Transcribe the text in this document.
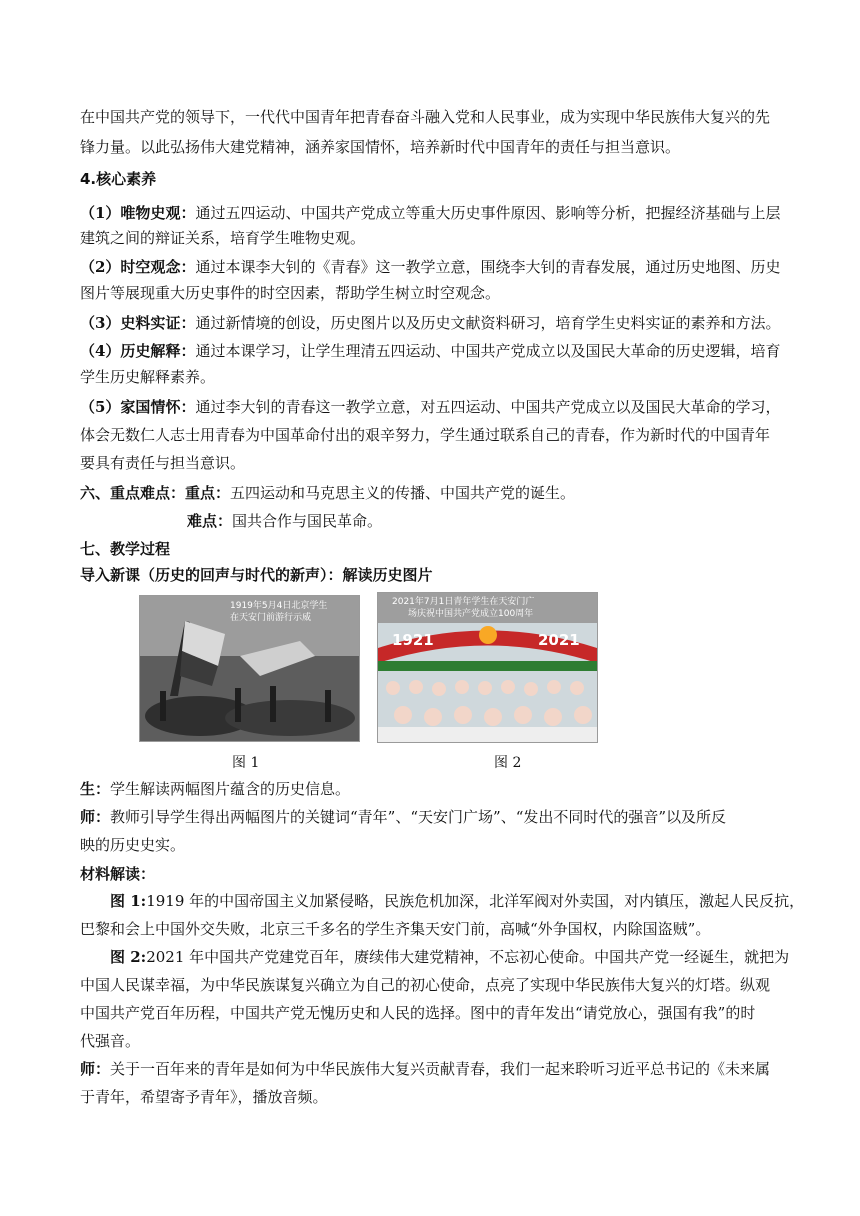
在中国共产党的领导下，一代代中国青年把青春奋斗融入党和人民事业，成为实现中华民族伟大复兴的先
锋力量。以此弘扬伟大建党精神，涵养家国情怀，培养新时代中国青年的责任与担当意识。
4.核心素养
（1）唯物史观：通过五四运动、中国共产党成立等重大历史事件原因、影响等分析，把握经济基础与上层
建筑之间的辩证关系，培育学生唯物史观。
（2）时空观念：通过本课李大钊的《青春》这一教学立意，围绕李大钊的青春发展，通过历史地图、历史
图片等展现重大历史事件的时空因素，帮助学生树立时空观念。
（3）史料实证：通过新情境的创设，历史图片以及历史文献资料研习，培育学生史料实证的素养和方法。
（4）历史解释：通过本课学习，让学生理清五四运动、中国共产党成立以及国民大革命的历史逻辑，培育
学生历史解释素养。
（5）家国情怀：通过李大钊的青春这一教学立意，对五四运动、中国共产党成立以及国民大革命的学习，
体会无数仁人志士用青春为中国革命付出的艰辛努力，学生通过联系自己的青春，作为新时代的中国青年
要具有责任与担当意识。
六、重点难点：重点：五四运动和马克思主义的传播、中国共产党的诞生。
难点：国共合作与国民革命。
七、教学过程
导入新课（历史的回声与时代的新声）：解读历史图片
1919年5月4日北京学生
在天安门前游行示威
2021年7月1日青年学生在天安门广
场庆祝中国共产党成立100周年
1921	2021
图 1	图 2
生：学生解读两幅图片蕴含的历史信息。
师：教师引导学生得出两幅图片的关键词“青年”、“天安门广场”、“发出不同时代的强音”以及所反
映的历史史实。
材料解读：
图 1:1919 年的中国帝国主义加紧侵略，民族危机加深，北洋军阀对外卖国，对内镇压，激起人民反抗，
巴黎和会上中国外交失败，北京三千多名的学生齐集天安门前，高喊“外争国权，内除国盗贼”。
图 2:2021 年中国共产党建党百年，赓续伟大建党精神，不忘初心使命。中国共产党一经诞生，就把为
中国人民谋幸福，为中华民族谋复兴确立为自己的初心使命，点亮了实现中华民族伟大复兴的灯塔。纵观
中国共产党百年历程，中国共产党无愧历史和人民的选择。图中的青年发出“请党放心，强国有我”的时
代强音。
师：关于一百年来的青年是如何为中华民族伟大复兴贡献青春，我们一起来聆听习近平总书记的《未来属
于青年，希望寄予青年》，播放音频。
